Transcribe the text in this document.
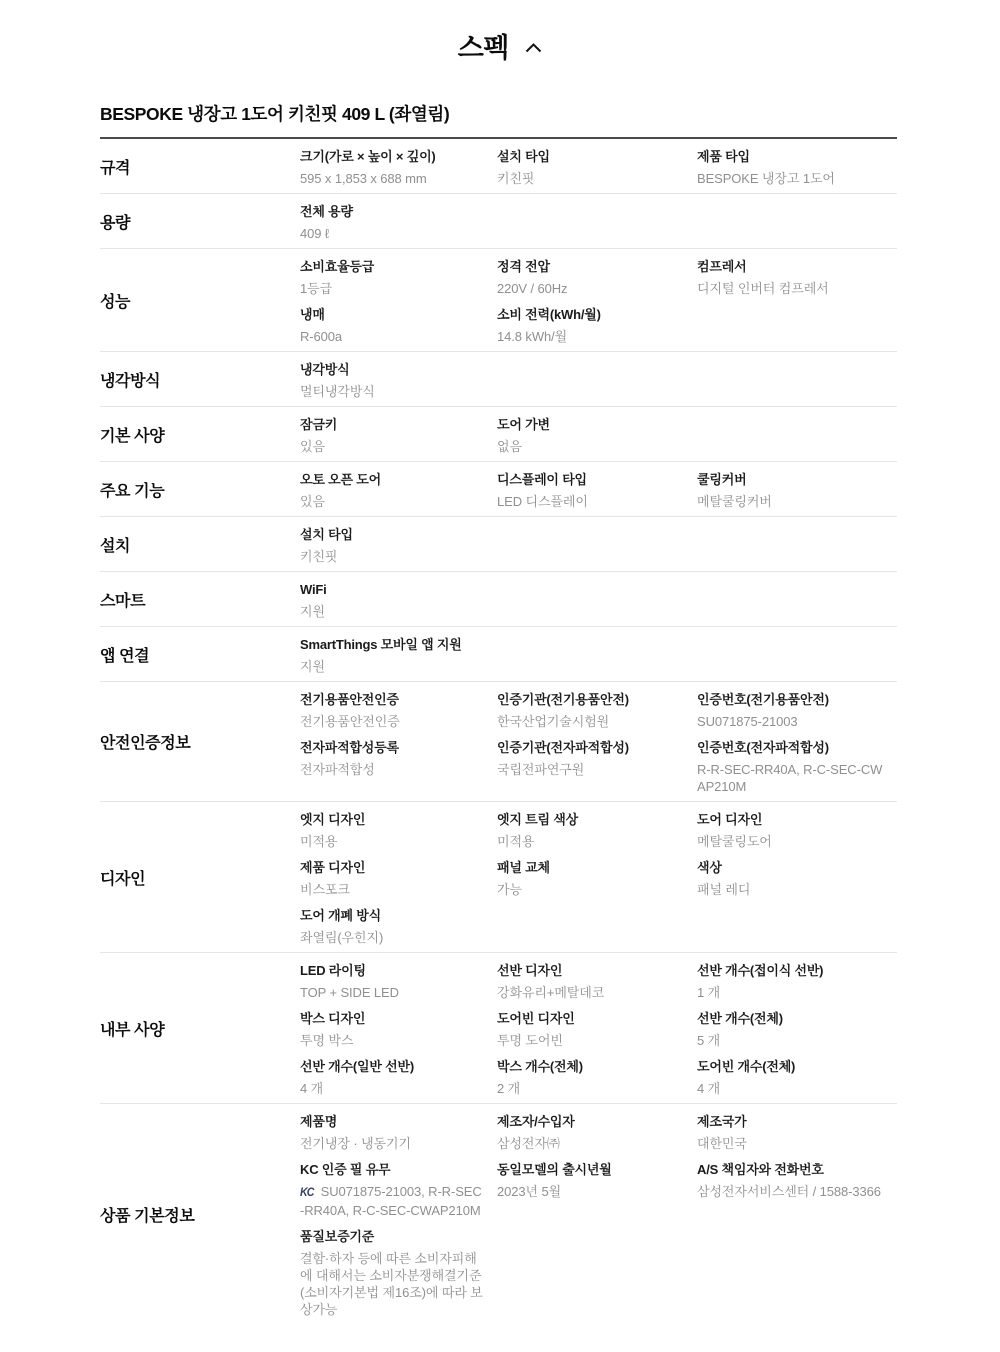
스펙
BESPOKE 냉장고 1도어 키친핏 409 L (좌열림)
규격
크기(가로 × 높이 × 깊이)
595 x 1,853 x 688 mm
설치 타입
키친핏
제품 타입
BESPOKE 냉장고 1도어
용량
전체 용량
409 ℓ
성능
소비효율등급
1등급
정격 전압
220V / 60Hz
컴프레서
디지털 인버터 컴프레서
냉매
R-600a
소비 전력(kWh/월)
14.8 kWh/월
냉각방식
냉각방식
멀티냉각방식
기본 사양
잠금키
있음
도어 가변
없음
주요 기능
오토 오픈 도어
있음
디스플레이 타입
LED 디스플레이
쿨링커버
메탈쿨링커버
설치
설치 타입
키친핏
스마트
WiFi
지원
앱 연결
SmartThings 모바일 앱 지원
지원
안전인증정보
전기용품안전인증
전기용품안전인증
인증기관(전기용품안전)
한국산업기술시험원
인증번호(전기용품안전)
SU071875-21003
전자파적합성등록
전자파적합성
인증기관(전자파적합성)
국립전파연구원
인증번호(전자파적합성)
R-R-SEC-RR40A, R-C-SEC-CWAP210M
디자인
엣지 디자인
미적용
엣지 트림 색상
미적용
도어 디자인
메탈쿨링도어
제품 디자인
비스포크
패널 교체
가능
색상
패널 레디
도어 개폐 방식
좌열림(우힌지)
내부 사양
LED 라이팅
TOP + SIDE LED
선반 디자인
강화유리+메탈데코
선반 개수(접이식 선반)
1 개
박스 디자인
투명 박스
도어빈 디자인
투명 도어빈
선반 개수(전체)
5 개
선반 개수(일반 선반)
4 개
박스 개수(전체)
2 개
도어빈 개수(전체)
4 개
상품 기본정보
제품명
전기냉장 · 냉동기기
제조자/수입자
삼성전자㈜
제조국가
대한민국
KC 인증 필 유무
KC SU071875-21003, R-R-SEC-RR40A, R-C-SEC-CWAP210M
동일모델의 출시년월
2023년 5월
A/S 책임자와 전화번호
삼성전자서비스센터 / 1588-3366
품질보증기준
결함·하자 등에 따른 소비자피해에 대해서는 소비자분쟁해결기준(소비자기본법 제16조)에 따라 보상가능
